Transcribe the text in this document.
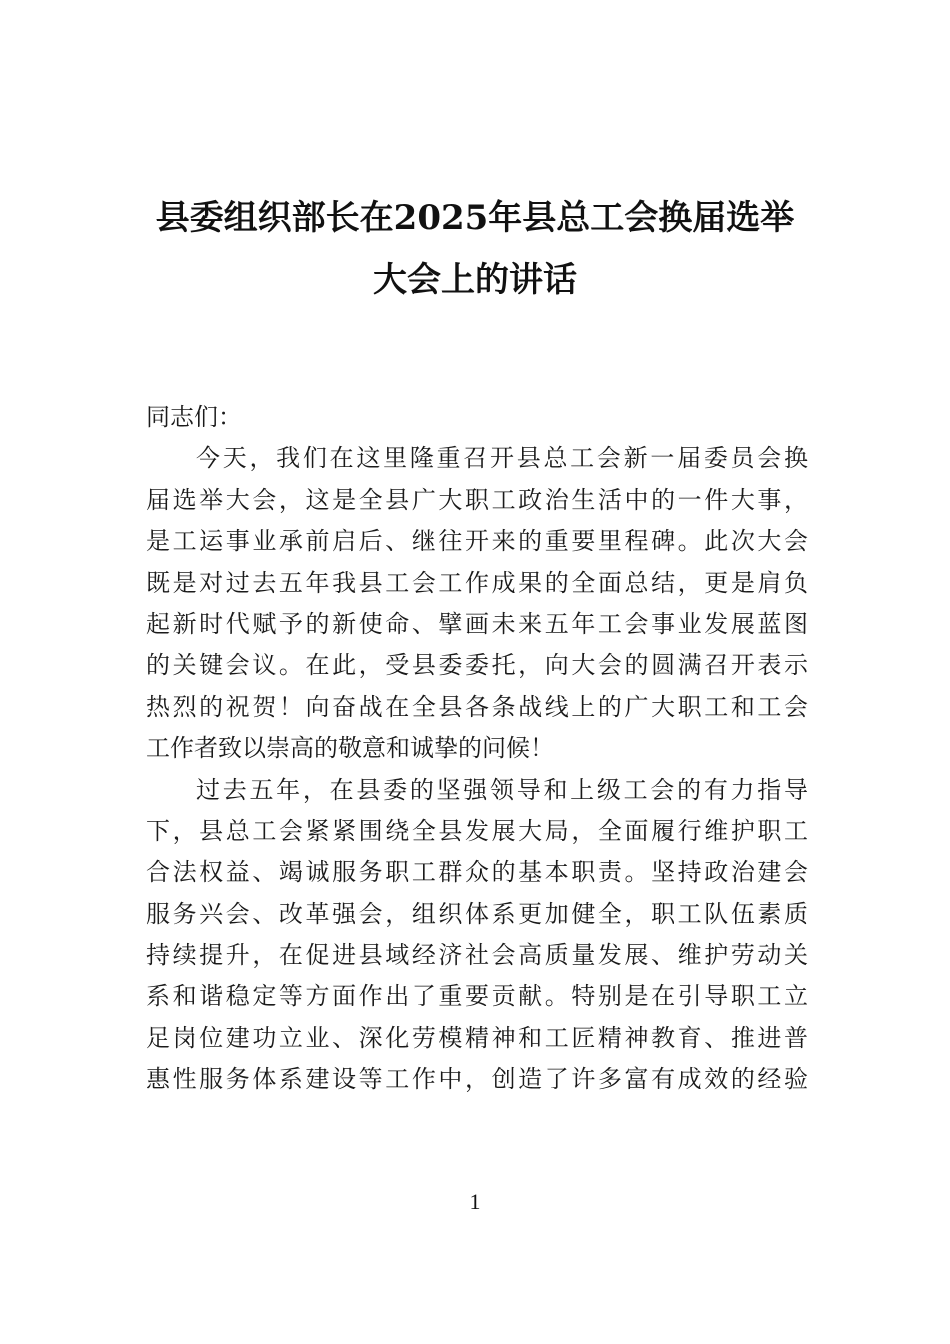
县委组织部长在2025年县总工会换届选举
大会上的讲话
同志们：
今天，我们在这里隆重召开县总工会新一届委员会换
届选举大会，这是全县广大职工政治生活中的一件大事，
是工运事业承前启后、继往开来的重要里程碑。此次大会
既是对过去五年我县工会工作成果的全面总结，更是肩负
起新时代赋予的新使命、擘画未来五年工会事业发展蓝图
的关键会议。在此，受县委委托，向大会的圆满召开表示
热烈的祝贺！向奋战在全县各条战线上的广大职工和工会
工作者致以崇高的敬意和诚挚的问候！
过去五年，在县委的坚强领导和上级工会的有力指导
下，县总工会紧紧围绕全县发展大局，全面履行维护职工
合法权益、竭诚服务职工群众的基本职责。坚持政治建会
服务兴会、改革强会，组织体系更加健全，职工队伍素质
持续提升，在促进县域经济社会高质量发展、维护劳动关
系和谐稳定等方面作出了重要贡献。特别是在引导职工立
足岗位建功立业、深化劳模精神和工匠精神教育、推进普
惠性服务体系建设等工作中，创造了许多富有成效的经验
1
